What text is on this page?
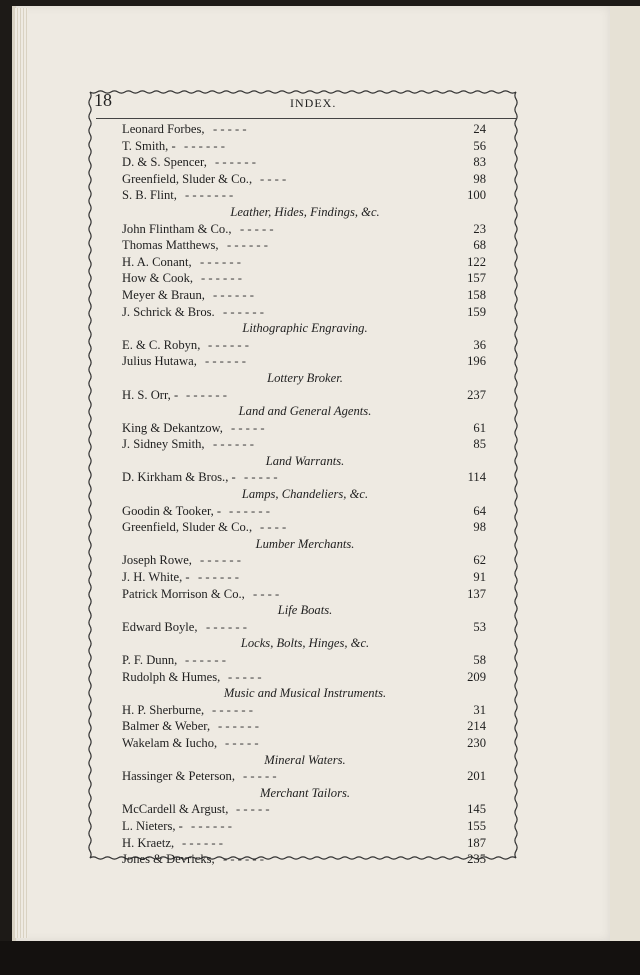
18	INDEX.
Leonard Forbes, - - - - -	24
T. Smith, - - - - - - -	56
D. & S. Spencer, - - - - - -	83
Greenfield, Sluder & Co., - - - -	98
S. B. Flint, - - - - - - -	100
Leather, Hides, Findings, &c.
John Flintham & Co., - - - - -	23
Thomas Matthews, - - - - - -	68
H. A. Conant, - - - - - -	122
How & Cook, - - - - - -	157
Meyer & Braun, - - - - - -	158
J. Schrick & Bros. - - - - - -	159
Lithographic Engraving.
E. & C. Robyn, - - - - - -	36
Julius Hutawa, - - - - - -	196
Lottery Broker.
H. S. Orr, - - - - - - -	237
Land and General Agents.
King & Dekantzow, - - - - -	61
J. Sidney Smith, - - - - - -	85
Land Warrants.
D. Kirkham & Bros., - - - - - -	114
Lamps, Chandeliers, &c.
Goodin & Tooker, - - - - - - -	64
Greenfield, Sluder & Co., - - - -	98
Lumber Merchants.
Joseph Rowe, - - - - - -	62
J. H. White, - - - - - - -	91
Patrick Morrison & Co., - - - -	137
Life Boats.
Edward Boyle, - - - - - -	53
Locks, Bolts, Hinges, &c.
P. F. Dunn, - - - - - -	58
Rudolph & Humes, - - - - -	209
Music and Musical Instruments.
H. P. Sherburne, - - - - - -	31
Balmer & Weber, - - - - - -	214
Wakelam & Iucho, - - - - -	230
Mineral Waters.
Hassinger & Peterson, - - - - -	201
Merchant Tailors.
McCardell & Argust, - - - - -	145
L. Nieters, - - - - - - -	155
H. Kraetz, - - - - - -	187
Jones & Devricks, - - - - - -	235
